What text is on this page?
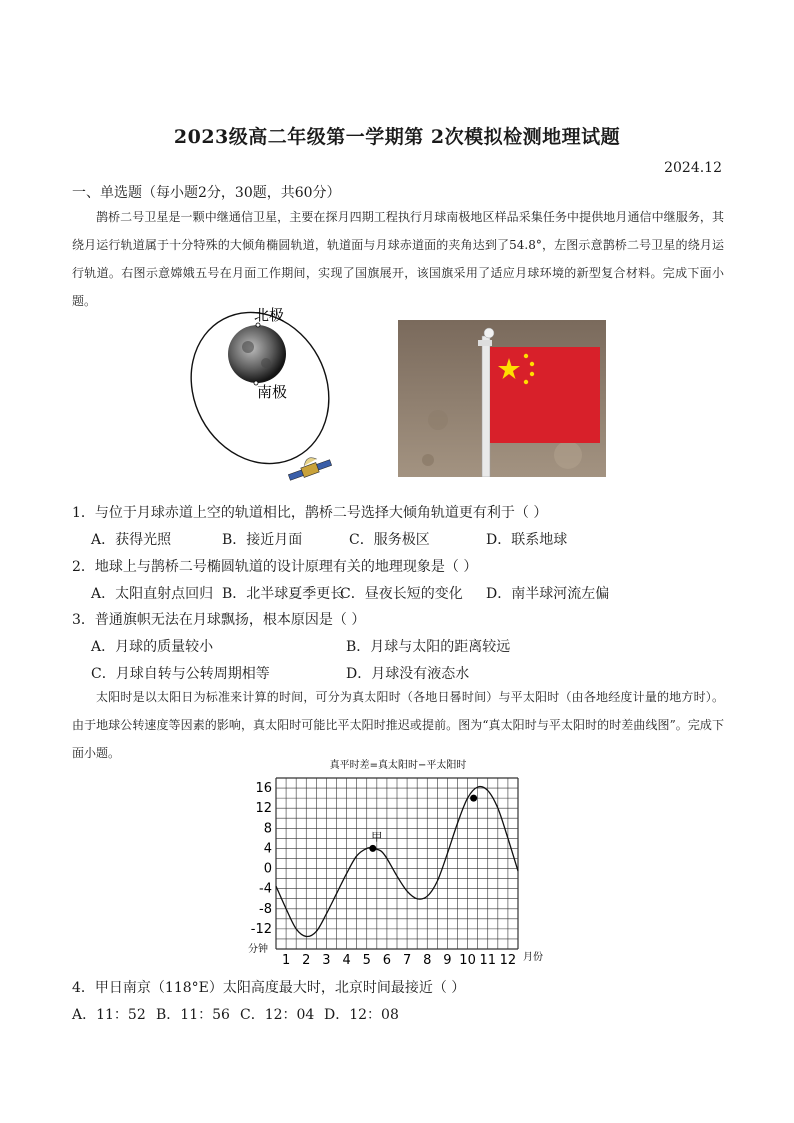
2023级高二年级第一学期第 2次模拟检测地理试题
2024.12
一、单选题（每小题2分，30题，共60分）

鹊桥二号卫星是一颗中继通信卫星，主要在探月四期工程执行月球南极地区样品采集任务中提供地月通信中继服务，其绕月运行轨道属于十分特殊的大倾角椭圆轨道，轨道面与月球赤道面的夹角达到了54.8°，左图示意鹊桥二号卫星的绕月运行轨道。右图示意嫦娥五号在月面工作期间，实现了国旗展开，该国旗采用了适应月球环境的新型复合材料。完成下面小题。

北极
南极
1．与位于月球赤道上空的轨道相比，鹊桥二号选择大倾角轨道更有利于（ ）
A．获得光照	B．接近月面	C．服务极区	D．联系地球
2．地球上与鹊桥二号椭圆轨道的设计原理有关的地理现象是（ ）
A．太阳直射点回归 B．北半球夏季更长
C．昼夜长短的变化 D．南半球河流左偏
3．普通旗帜无法在月球飘扬，根本原因是（ ）
A．月球的质量较小	B．月球与太阳的距离较远
C．月球自转与公转周期相等	D．月球没有液态水

太阳时是以太阳日为标准来计算的时间，可分为真太阳时（各地日晷时间）与平太阳时（由各地经度计量的地方时）。由于地球公转速度等因素的影响，真太阳时可能比平太阳时推迟或提前。图为“真太阳时与平太阳时的时差曲线图”。完成下面小题。

真平时差=真太阳时−平太阳时
16
12
8
4
0
-4
-8
-12
1 2 3 4 5 6 7 8 9 10 11 12
甲
分钟
月份
4．甲日南京（118°E）太阳高度最大时，北京时间最接近（ ）
A．11：52 B．11：56 C．12：04 D．12：08
